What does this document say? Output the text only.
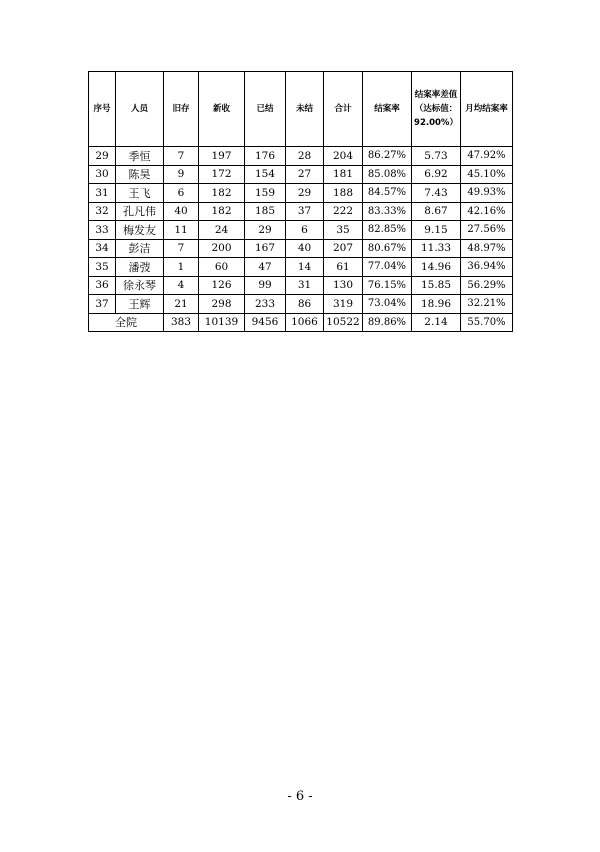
序号	人员	旧存	新收	已结	未结	合计	结案率	结案率差值（达标值：92.00%）	月均结案率
29	季恒	7	197	176	28	204	86.27%	5.73	47.92%
30	陈昊	9	172	154	27	181	85.08%	6.92	45.10%
31	王飞	6	182	159	29	188	84.57%	7.43	49.93%
32	孔凡伟	40	182	185	37	222	83.33%	8.67	42.16%
33	梅发友	11	24	29	6	35	82.85%	9.15	27.56%
34	彭洁	7	200	167	40	207	80.67%	11.33	48.97%
35	潘弢	1	60	47	14	61	77.04%	14.96	36.94%
36	徐永琴	4	126	99	31	130	76.15%	15.85	56.29%
37	王辉	21	298	233	86	319	73.04%	18.96	32.21%
全院		383	10139	9456	1066	10522	89.86%	2.14	55.70%
- 6 -
